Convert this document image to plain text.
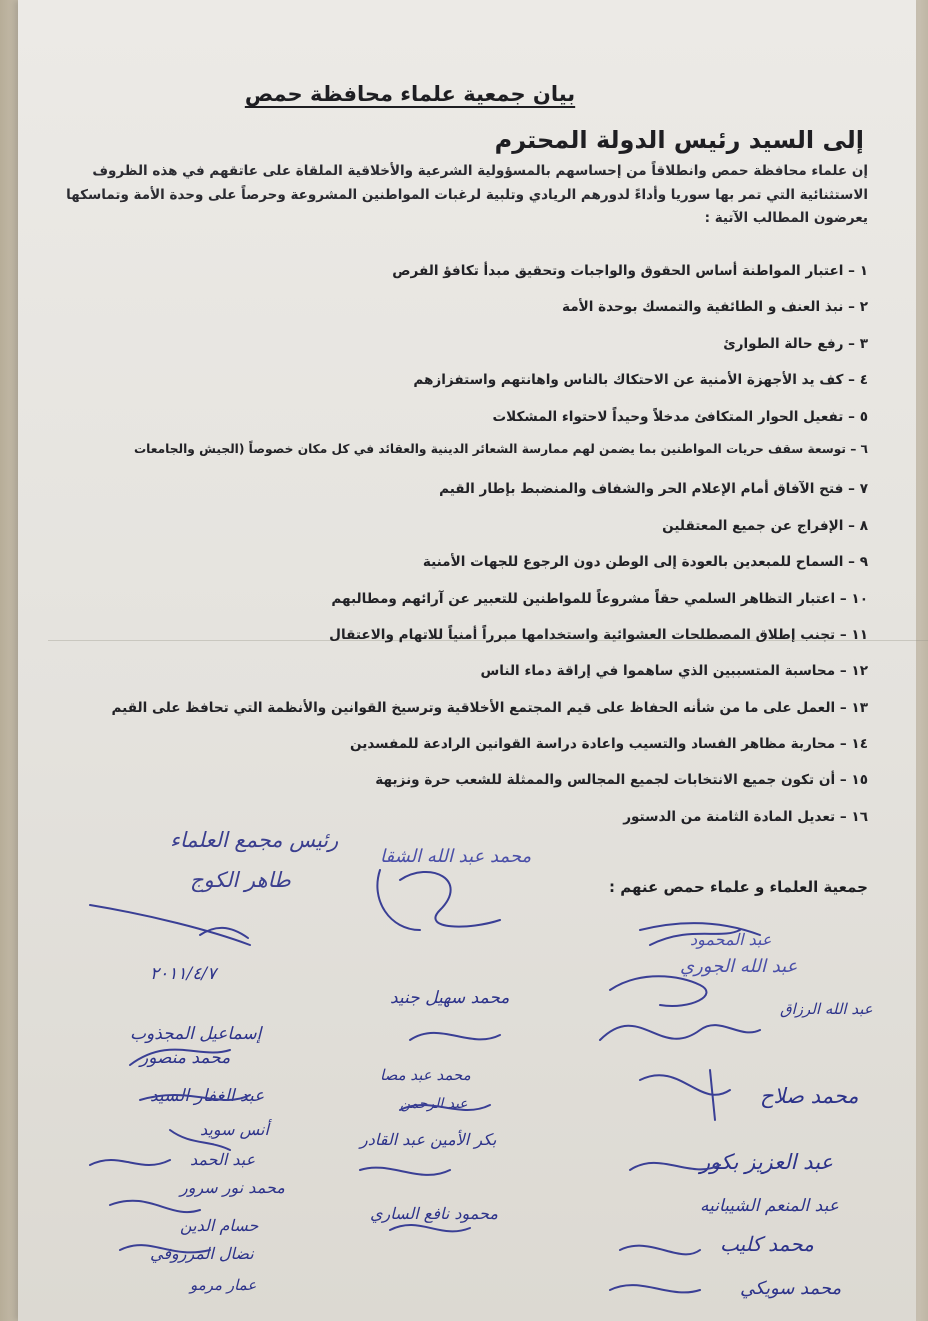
بيان جمعية علماء محافظة حمص
إلى السيد رئيس الدولة المحترم
إن علماء محافظة حمص وانطلاقاً من إحساسهم بالمسؤولية الشرعية والأخلاقية الملقاة على عاتقهم في هذه الظروف الاستثنائية التي تمر بها سوريا وأداءً لدورهم الريادي وتلبية لرغبات المواطنين المشروعة وحرصاً على وحدة الأمة وتماسكها يعرضون المطالب الآتية :
١ – اعتبار المواطنة أساس الحقوق والواجبات وتحقيق مبدأ تكافؤ الفرص
٢ – نبذ العنف و الطائفية والتمسك بوحدة الأمة
٣ – رفع حالة الطوارئ
٤ – كف يد الأجهزة الأمنية عن الاحتكاك بالناس واهانتهم واستفزازهم
٥ – تفعيل الحوار المتكافئ مدخلاً وحيداً لاحتواء المشكلات
٦ – توسعة سقف حريات المواطنين بما يضمن لهم ممارسة الشعائر الدينية والعقائد في كل مكان خصوصاً (الجيش والجامعات
٧ – فتح الآفاق أمام الإعلام الحر والشفاف والمنضبط بإطار القيم
٨ – الإفراج عن جميع المعتقلين
٩ – السماح للمبعدين بالعودة إلى الوطن دون الرجوع للجهات الأمنية
١٠ – اعتبار التظاهر السلمي حقاً مشروعاً للمواطنين للتعبير عن آرائهم ومطالبهم
١١ – تجنب إطلاق المصطلحات العشوائية واستخدامها مبرراً أمنياً للاتهام والاعتقال
١٢ – محاسبة المتسببين الذي ساهموا في إراقة دماء الناس
١٣ – العمل على ما من شأنه الحفاظ على قيم المجتمع الأخلاقية وترسيخ القوانين والأنظمة التي تحافظ على القيم
١٤ – محاربة مظاهر الفساد والتسيب واعادة دراسة القوانين الرادعة للمفسدين
١٥ – أن تكون جميع الانتخابات لجميع المجالس والممثلة للشعب حرة ونزيهة
١٦ – تعديل المادة الثامنة من الدستور
جمعية العلماء و علماء حمص عنهم :
رئيس مجمع العلماء
طاهر الكوج
٢٠١١/٤/٧
إسماعيل المجذوب
محمد منصور
عبد الغفار السيد
أنس سويد
عبد الحمد
محمد نور سرور
حسام الدين
نضال المرزوقي
عمار مرمو
محمد عبد الله الشقا
محمد سهيل جنيد
محمد عبد مصا
عبد الرحمن
بكر الأمين عبد القادر
محمود نافع الساري
عبد المحمود
عبد الله الجوري
عبد الله الرزاق
محمد صلاح
عبد العزيز بكور
عبد المنعم الشيبانيه
محمد كليب
محمد سويكي
